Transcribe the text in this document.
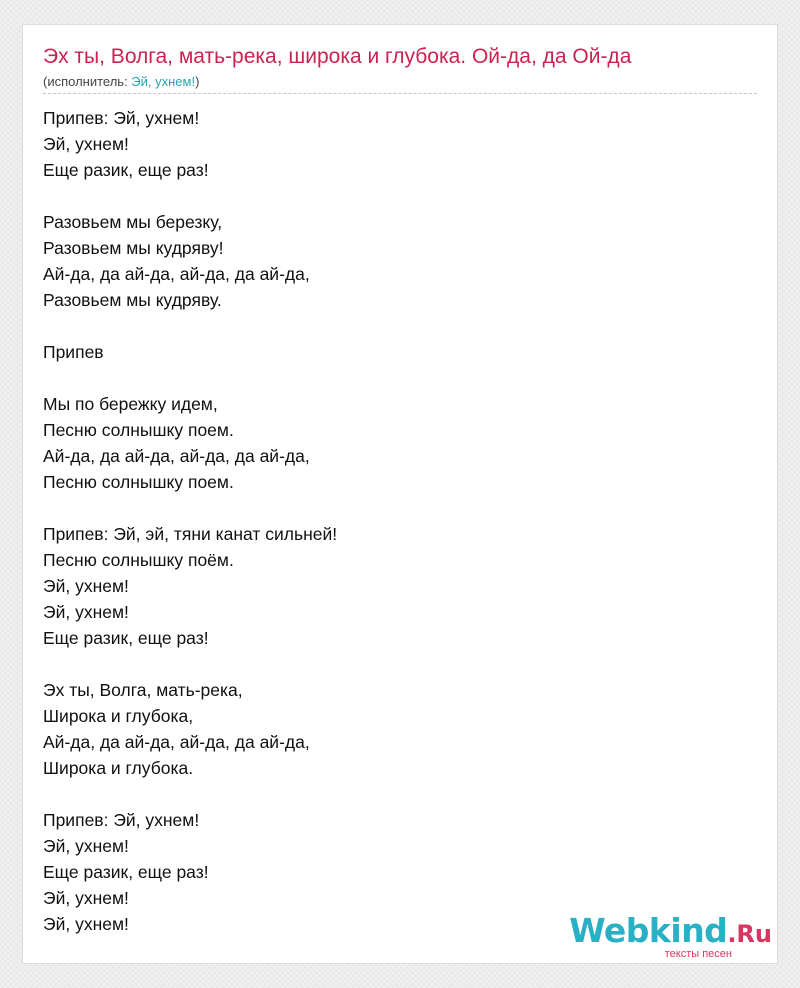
Эх ты, Волга, мать-река, широка и глубока. Ой-да, да Ой-да
(исполнитель: Эй, ухнем!)
Припев: Эй, ухнем!
Эй, ухнем!
Еще разик, еще раз!
Разовьем мы березку,
Разовьем мы кудряву!
Ай-да, да ай-да, ай-да, да ай-да,
Разовьем мы кудряву.
Припев
Мы по бережку идем,
Песню солнышку поем.
Ай-да, да ай-да, ай-да, да ай-да,
Песню солнышку поем.
Припев: Эй, эй, тяни канат сильней!
Песню солнышку поём.
Эй, ухнем!
Эй, ухнем!
Еще разик, еще раз!
Эх ты, Волга, мать-река,
Широка и глубока,
Ай-да, да ай-да, ай-да, да ай-да,
Широка и глубока.
Припев: Эй, ухнем!
Эй, ухнем!
Еще разик, еще раз!
Эй, ухнем!
Эй, ухнем!	Webkind.Ru
тексты песен
